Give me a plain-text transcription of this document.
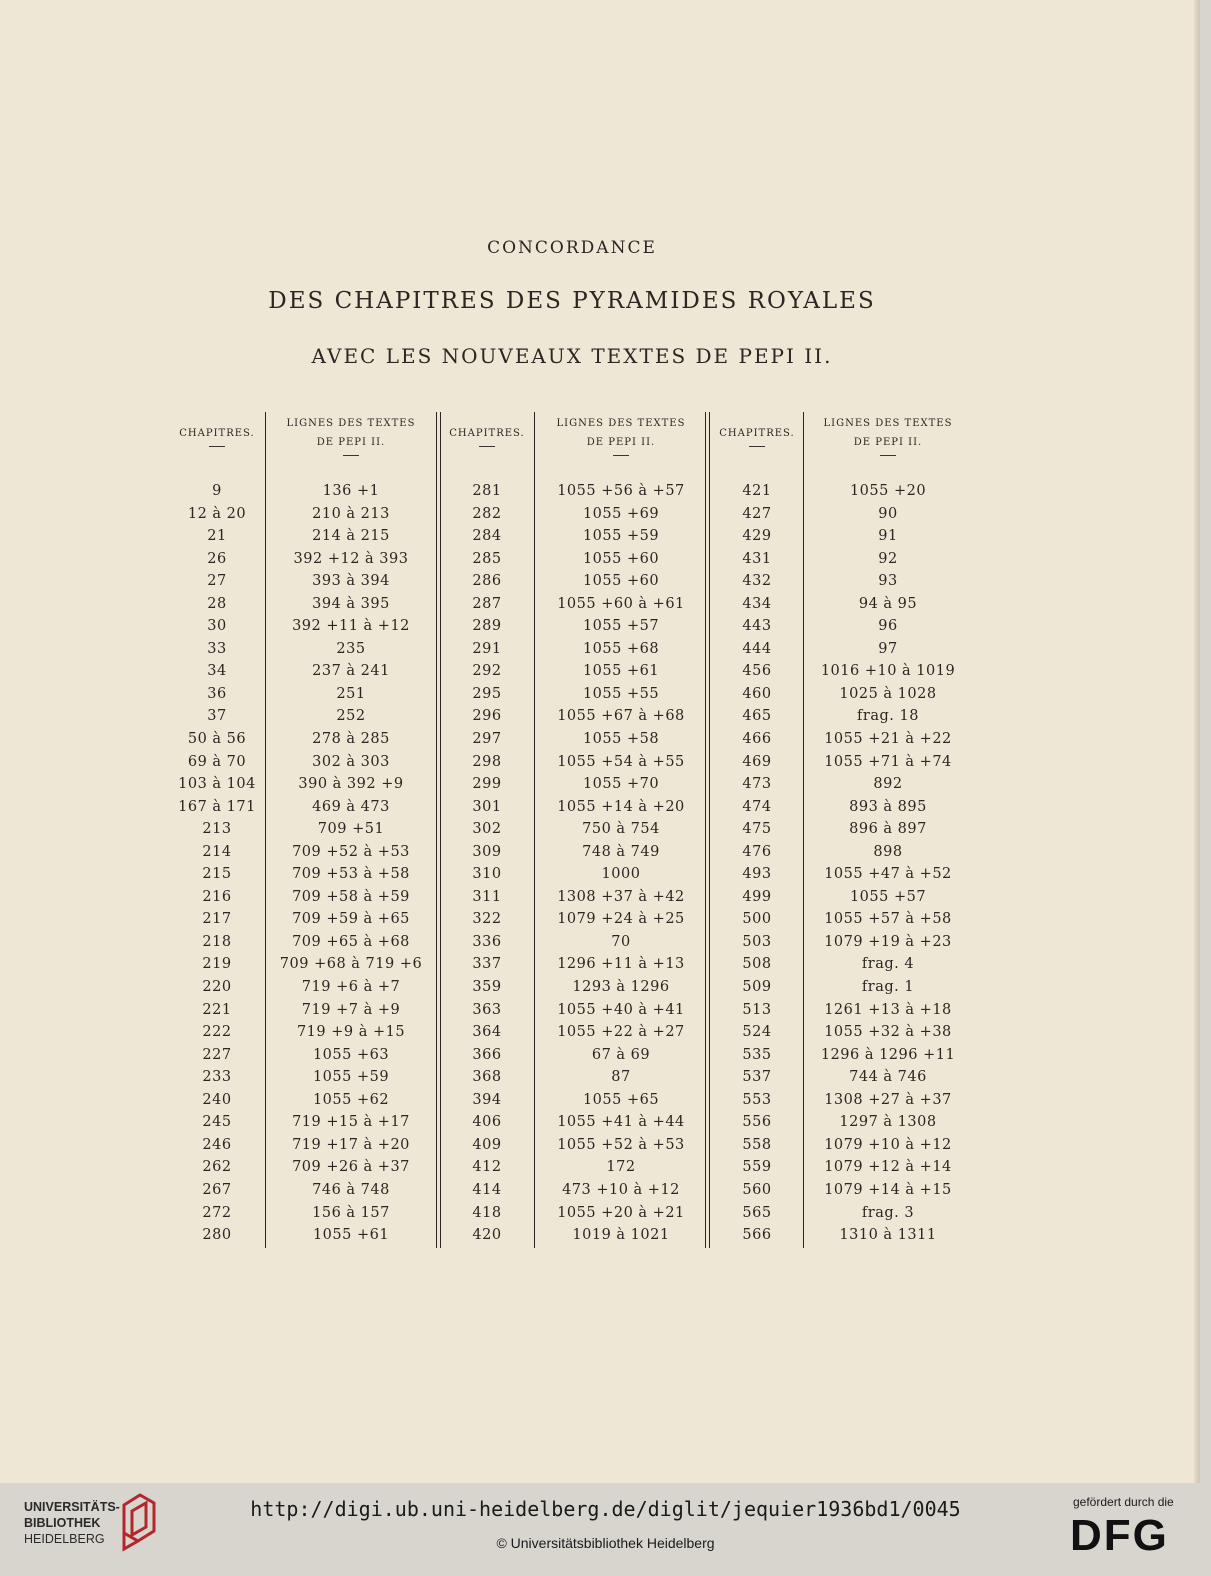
CONCORDANCE
DES CHAPITRES DES PYRAMIDES ROYALES
AVEC LES NOUVEAUX TEXTES DE PEPI II.
CHAPITRES.
LIGNES DES TEXTES
DE PEPI II.
CHAPITRES.
LIGNES DES TEXTES
DE PEPI II.
CHAPITRES.
LIGNES DES TEXTES
DE PEPI II.
9
12 à 20
21
26
27
28
30
33
34
36
37
50 à 56
69 à 70
103 à 104
167 à 171
213
214
215
216
217
218
219
220
221
222
227
233
240
245
246
262
267
272
280
136 +1
210 à 213
214 à 215
392 +12 à 393
393 à 394
394 à 395
392 +11 à +12
235
237 à 241
251
252
278 à 285
302 à 303
390 à 392 +9
469 à 473
709 +51
709 +52 à +53
709 +53 à +58
709 +58 à +59
709 +59 à +65
709 +65 à +68
709 +68 à 719 +6
719 +6 à +7
719 +7 à +9
719 +9 à +15
1055 +63
1055 +59
1055 +62
719 +15 à +17
719 +17 à +20
709 +26 à +37
746 à 748
156 à 157
1055 +61
281
282
284
285
286
287
289
291
292
295
296
297
298
299
301
302
309
310
311
322
336
337
359
363
364
366
368
394
406
409
412
414
418
420
1055 +56 à +57
1055 +69
1055 +59
1055 +60
1055 +60
1055 +60 à +61
1055 +57
1055 +68
1055 +61
1055 +55
1055 +67 à +68
1055 +58
1055 +54 à +55
1055 +70
1055 +14 à +20
750 à 754
748 à 749
1000
1308 +37 à +42
1079 +24 à +25
70
1296 +11 à +13
1293 à 1296
1055 +40 à +41
1055 +22 à +27
67 à 69
87
1055 +65
1055 +41 à +44
1055 +52 à +53
172
473 +10 à +12
1055 +20 à +21
1019 à 1021
421
427
429
431
432
434
443
444
456
460
465
466
469
473
474
475
476
493
499
500
503
508
509
513
524
535
537
553
556
558
559
560
565
566
1055 +20
90
91
92
93
94 à 95
96
97
1016 +10 à 1019
1025 à 1028
frag. 18
1055 +21 à +22
1055 +71 à +74
892
893 à 895
896 à 897
898
1055 +47 à +52
1055 +57
1055 +57 à +58
1079 +19 à +23
frag. 4
frag. 1
1261 +13 à +18
1055 +32 à +38
1296 à 1296 +11
744 à 746
1308 +27 à +37
1297 à 1308
1079 +10 à +12
1079 +12 à +14
1079 +14 à +15
frag. 3
1310 à 1311
UNIVERSITÄTS-
BIBLIOTHEK
HEIDELBERG
http://digi.ub.uni-heidelberg.de/diglit/jequier1936bd1/0045
© Universitätsbibliothek Heidelberg
gefördert durch die
DFG
